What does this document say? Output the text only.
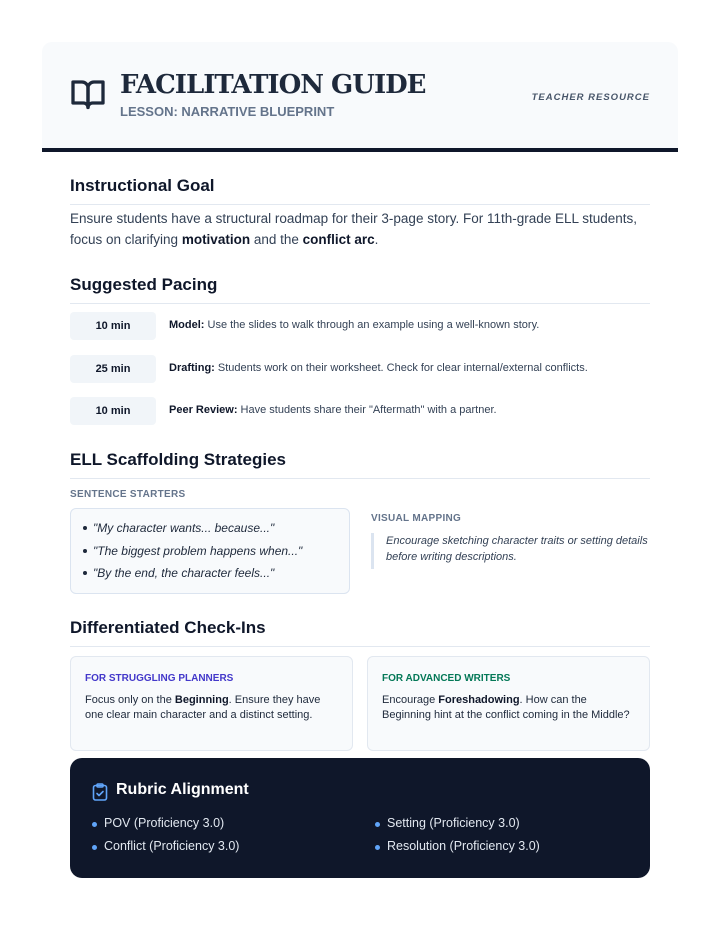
FACILITATION GUIDE
LESSON: NARRATIVE BLUEPRINT
TEACHER RESOURCE
Instructional Goal
Ensure students have a structural roadmap for their 3-page story. For 11th-grade ELL students, focus on clarifying motivation and the conflict arc.
Suggested Pacing
10 min	Model: Use the slides to walk through an example using a well-known story.
25 min	Drafting: Students work on their worksheet. Check for clear internal/external conflicts.
10 min	Peer Review: Have students share their "Aftermath" with a partner.
ELL Scaffolding Strategies
SENTENCE STARTERS
"My character wants... because..."
"The biggest problem happens when..."
"By the end, the character feels..."
VISUAL MAPPING
Encourage sketching character traits or setting details before writing descriptions.
Differentiated Check-Ins
FOR STRUGGLING PLANNERS
Focus only on the Beginning. Ensure they have one clear main character and a distinct setting.
FOR ADVANCED WRITERS
Encourage Foreshadowing. How can the Beginning hint at the conflict coming in the Middle?
Rubric Alignment
POV (Proficiency 3.0)	Setting (Proficiency 3.0)
Conflict (Proficiency 3.0)	Resolution (Proficiency 3.0)
